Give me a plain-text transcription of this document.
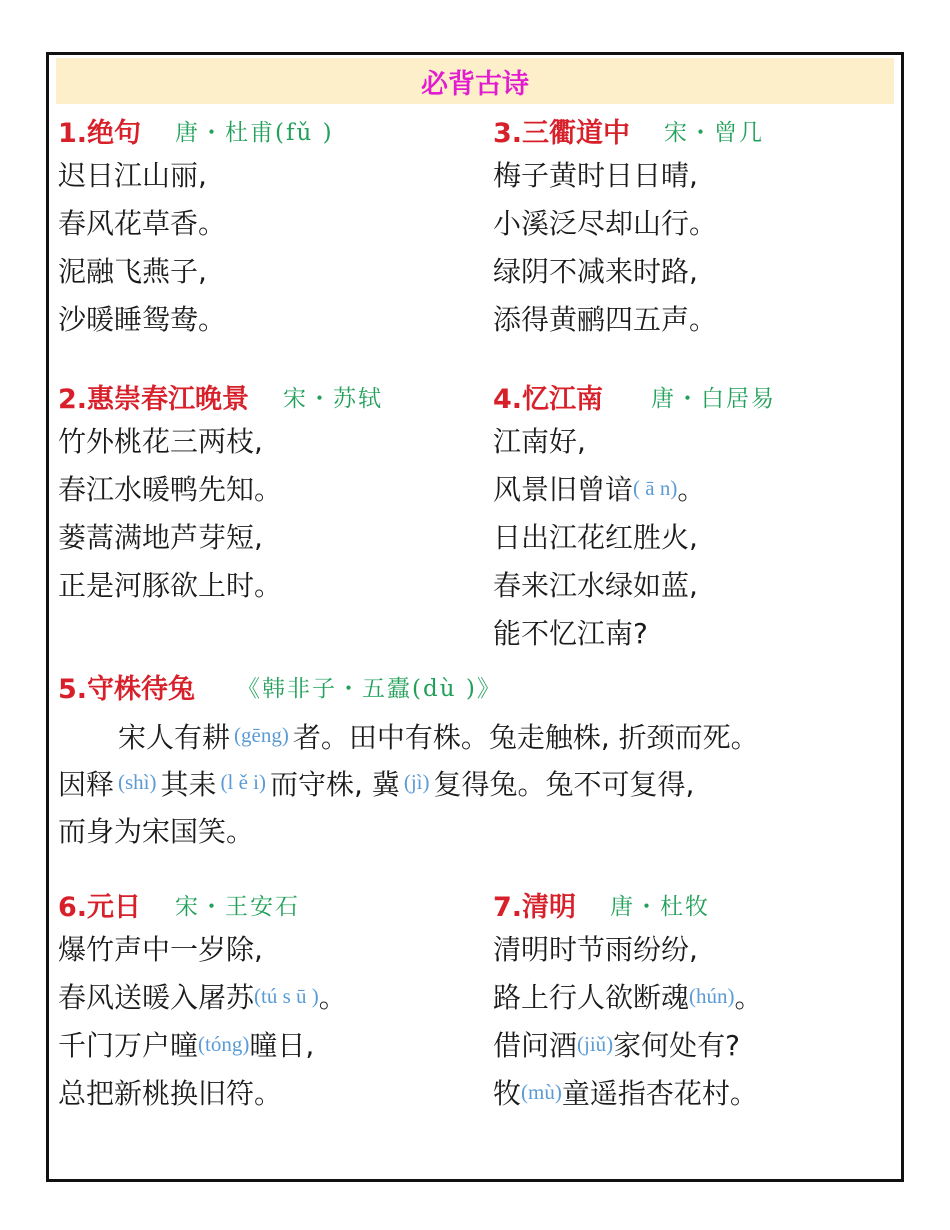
必背古诗
1.绝句 唐・杜甫(fǔ )
迟日江山丽,
春风花草香。
泥融飞燕子,
沙暖睡鸳鸯。
3.三衢道中 宋・曾几
梅子黄时日日晴,
小溪泛尽却山行。
绿阴不减来时路,
添得黄鹂四五声。
2.惠崇春江晚景 宋・苏轼
竹外桃花三两枝,
春江水暖鸭先知。
蒌蒿满地芦芽短,
正是河豚欲上时。
4.忆江南 唐・白居易
江南好,
风景旧曾谙 ( ā n) 。
日出江花红胜火,
春来江水绿如蓝,
能不忆江南?
5.守株待兔 《韩非子・五蠹(dù )》
宋人有耕 (gēng) 者。田中有株。兔走触株, 折颈而死。
因释 (shì) 其耒 (l ě i) 而守株, 冀 (jì) 复得兔。兔不可复得,
而身为宋国笑。
6.元日 宋・王安石
爆竹声中一岁除,
春风送暖入屠苏 (tú s ū ) 。
千门万户曈 (tóng) 曈日,
总把新桃换旧符。
7.清明 唐・杜牧
清明时节雨纷纷,
路上行人欲断魂 (hún) 。
借问酒 (jiǔ) 家何处有?
牧 (mù) 童遥指杏花村。
